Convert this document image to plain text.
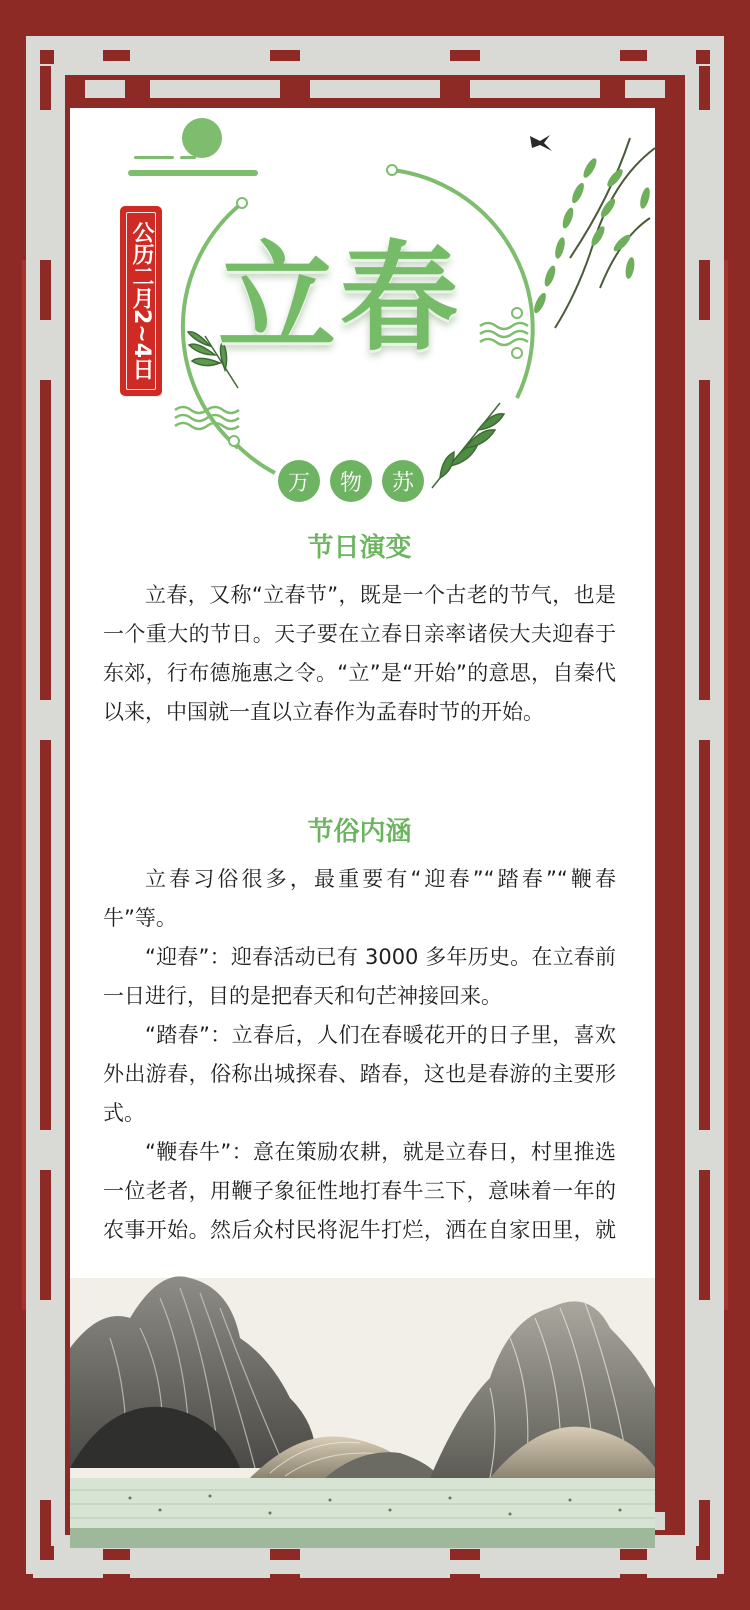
公历二月2~4日 立春
万	物	苏
节日演变

立春，又称“立春节”，既是一个古老的节气，也是一个重大的节日。天子要在立春日亲率诸侯大夫迎春于东郊，行布德施惠之令。“立”是“开始”的意思，自秦代以来，中国就一直以立春作为孟春时节的开始。

节俗内涵

立春习俗很多，最重要有“迎春”“踏春”“鞭春牛”等。

“迎春”：迎春活动已有 3000 多年历史。在立春前一日进行，目的是把春天和句芒神接回来。

“踏春”：立春后，人们在春暖花开的日子里，喜欢外出游春，俗称出城探春、踏春，这也是春游的主要形式。

“鞭春牛”：意在策励农耕，就是立春日，村里推选一位老者，用鞭子象征性地打春牛三下，意味着一年的农事开始。然后众村民将泥牛打烂，洒在自家田里，就
